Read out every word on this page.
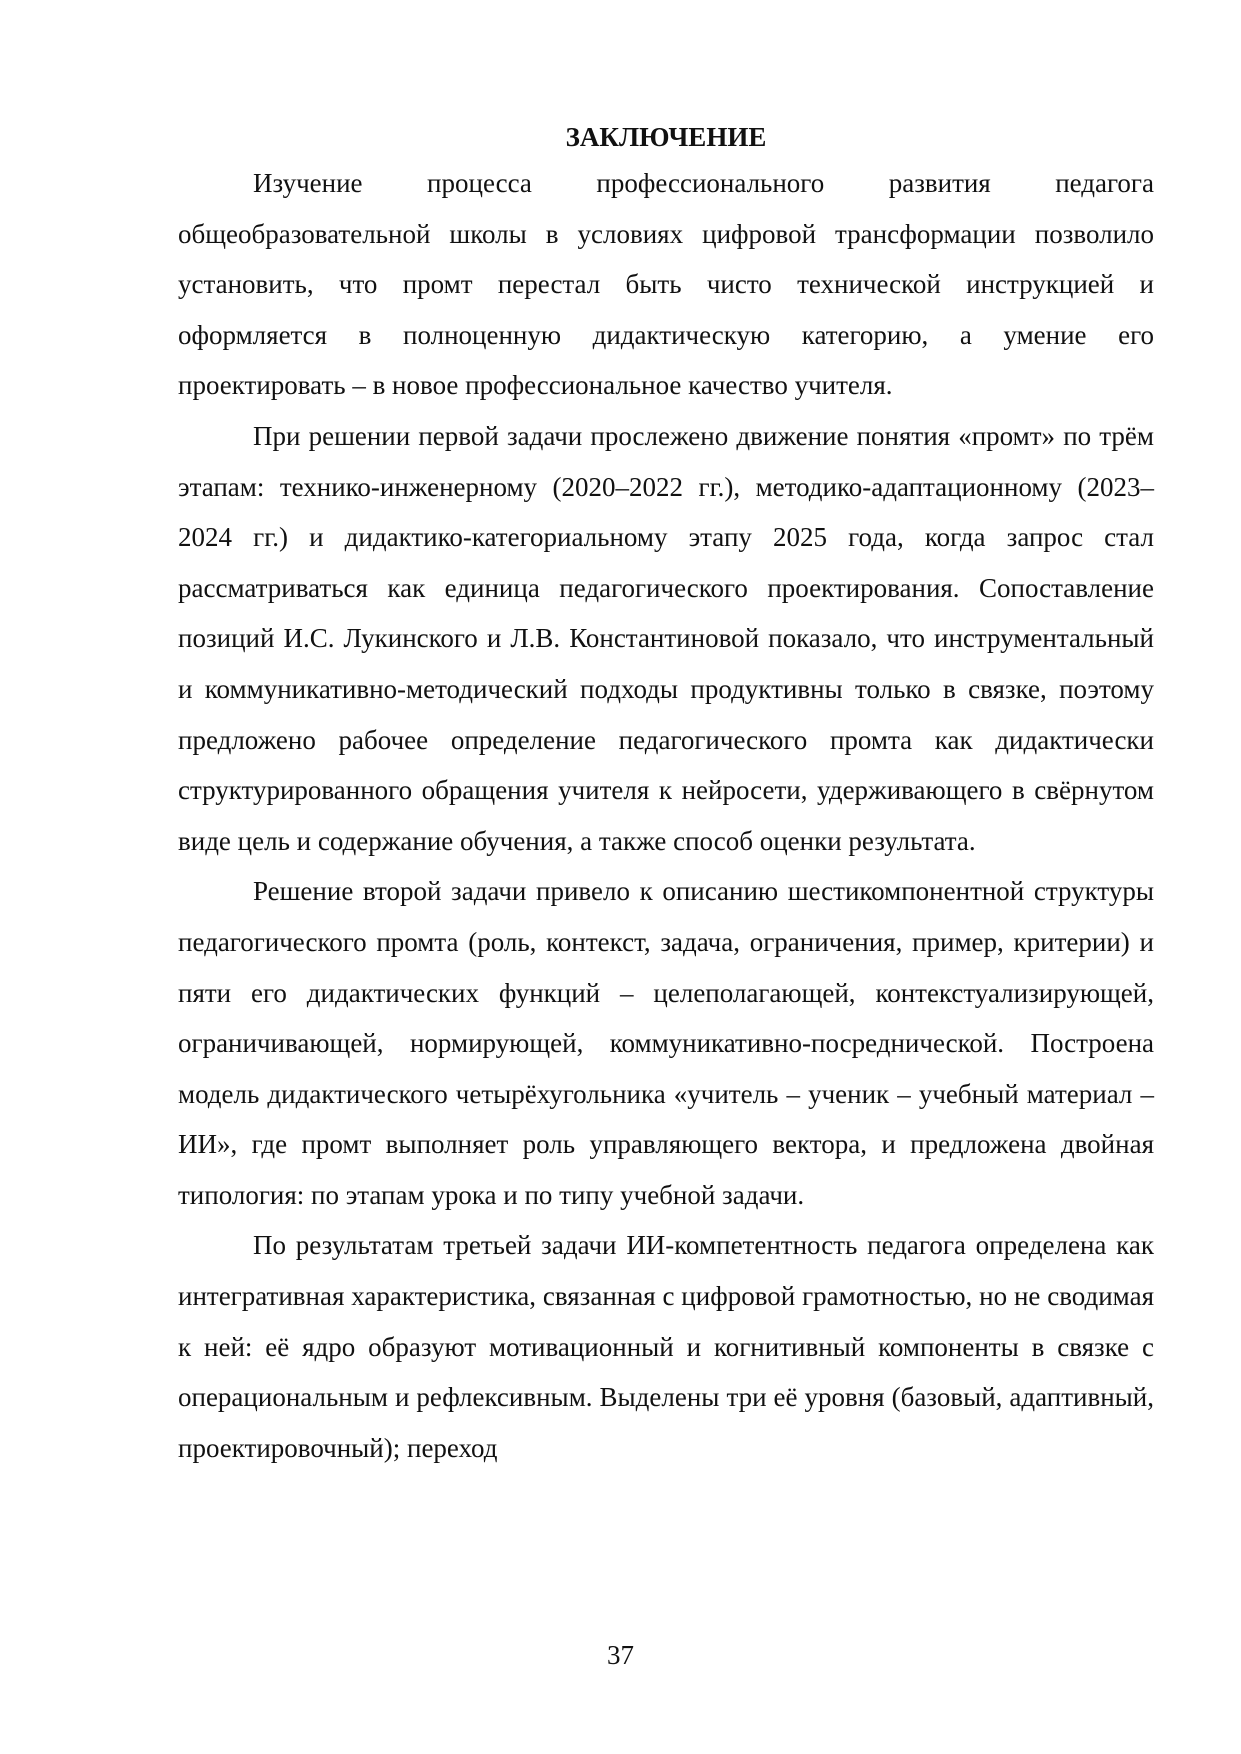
ЗАКЛЮЧЕНИЕ

Изучение процесса профессионального развития педагога общеобразовательной школы в условиях цифровой трансформации позволило установить, что промт перестал быть чисто технической инструкцией и оформляется в полноценную дидактическую категорию, а умение его проектировать – в новое профессиональное качество учителя.

При решении первой задачи прослежено движение понятия «промт» по трём этапам: технико-инженерному (2020–2022 гг.), методико-адаптационному (2023–2024 гг.) и дидактико-категориальному этапу 2025 года, когда запрос стал рассматриваться как единица педагогического проектирования. Сопоставление позиций И.С. Лукинского и Л.В. Константиновой показало, что инструментальный и коммуникативно-методический подходы продуктивны только в связке, поэтому предложено рабочее определение педагогического промта как дидактически структурированного обращения учителя к нейросети, удерживающего в свёрнутом виде цель и содержание обучения, а также способ оценки результата.

Решение второй задачи привело к описанию шестикомпонентной структуры педагогического промта (роль, контекст, задача, ограничения, пример, критерии) и пяти его дидактических функций – целеполагающей, контекстуализирующей, ограничивающей, нормирующей, коммуникативно-посреднической. Построена модель дидактического четырёхугольника «учитель – ученик – учебный материал – ИИ», где промт выполняет роль управляющего вектора, и предложена двойная типология: по этапам урока и по типу учебной задачи.

По результатам третьей задачи ИИ-компетентность педагога определена как интегративная характеристика, связанная с цифровой грамотностью, но не сводимая к ней: её ядро образуют мотивационный и когнитивный компоненты в связке с операциональным и рефлексивным. Выделены три её уровня (базовый, адаптивный, проектировочный); переход

37
